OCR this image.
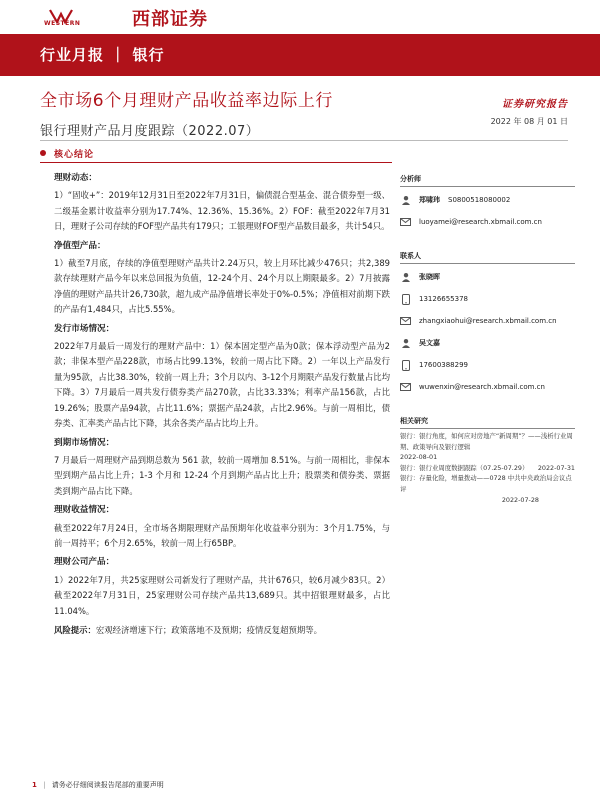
WESTERN	西部证券
行业月报 ｜ 银行
全市场6个月理财产品收益率边际上行	证券研究报告
银行理财产品月度跟踪（2022.07）
2022 年 08 月 01 日
核心结论
理财动态：

1）“固收+”：2019年12月31日至2022年7月31日，偏债混合型基金、混合债券型一级、二级基金累计收益率分别为17.74%、12.36%、15.36%。2）FOF：截至2022年7月31日，理财子公司存续的FOF型产品共有179只；工银理财FOF型产品数目最多，共计54只。

净值型产品：

1）截至7月底，存续的净值型理财产品共计2.24万只，较上月环比减少476只；共2,389款存续理财产品今年以来总回报为负值，12-24个月、24个月以上期限最多。2）7月披露净值的理财产品共计26,730款，超九成产品净值增长率处于0%-0.5%；净值相对前期下跌的产品有1,484只，占比5.55%。

发行市场情况：

2022年7月最后一周发行的理财产品中：1）保本固定型产品为0款；保本浮动型产品为2款；非保本型产品228款，市场占比99.13%，较前一周占比下降。2）一年以上产品发行量为95款，占比38.30%，较前一周上升；3个月以内、3-12个月期限产品发行数量占比均下降。3）7月最后一周共发行债券类产品270款，占比33.33%；利率产品156款，占比19.26%；股票产品94款，占比11.6%；票据产品24款，占比2.96%。与前一周相比，债券类、汇率类产品占比下降，其余各类产品占比均上升。

到期市场情况：

7 月最后一周理财产品到期总数为 561 款，较前一周增加 8.51%。与前一周相比，非保本型到期产品占比上升；1-3 个月和 12-24 个月到期产品占比上升；股票类和债券类、票据类到期产品占比下降。

理财收益情况：

截至2022年7月24日，全市场各期限理财产品预期年化收益率分别为：3个月1.75%，与前一周持平；6个月2.65%，较前一周上行65BP。

理财公司产品：

1）2022年7月，共25家理财公司新发行了理财产品，共计676只，较6月减少83只。2）截至2022年7月31日，25家理财公司存续产品共13,689只。其中招银理财最多，占比11.04%。

风险提示：宏观经济增速下行；政策落地不及预期；疫情反复超预期等。

分析师
郑啸玮 S0800518080002
luoyamei@research.xbmail.com.cn
联系人
张晓晖
13126655378
zhangxiaohui@research.xbmail.com.cn
吴文嘉
17600388299
wuwenxin@research.xbmail.com.cn
相关研究
银行：银行角度，如何应对房地产“新周期”？——浅析行业周期、政策导向及银行逻辑
2022-08-01
银行：银行业周度数据跟踪（07.25-07.29） 2022-07-31
银行：存量化险，增量拨动——0728 中共中央政治局会议点评
2022-07-28
1 | 请务必仔细阅读报告尾部的重要声明
